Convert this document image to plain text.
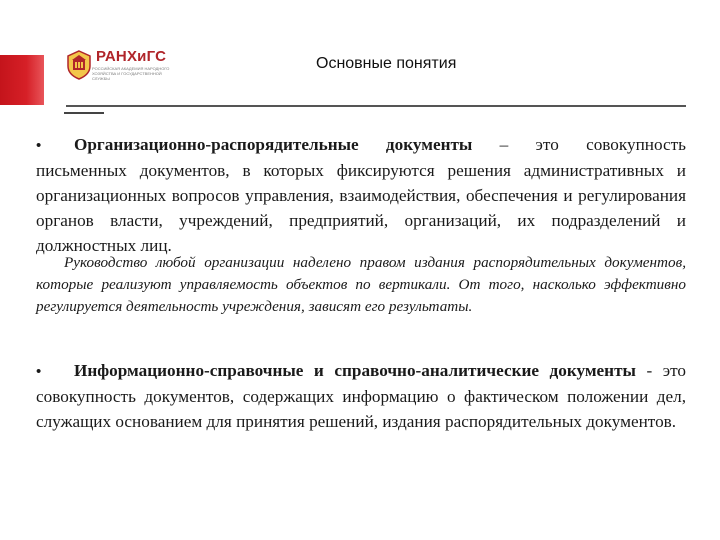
РАНХиГС
РОССИЙСКАЯ АКАДЕМИЯ НАРОДНОГО ХОЗЯЙСТВА И ГОСУДАРСТВЕННОЙ СЛУЖБЫ
Основные понятия
• Организационно-распорядительные документы – это совокупность письменных документов, в которых фиксируются решения административных и организационных вопросов управления, взаимодействия, обеспечения и регулирования органов власти, учреждений, предприятий, организаций, их подразделений и должностных лиц.
Руководство любой организации наделено правом издания распорядительных документов, которые реализуют управляемость объектов по вертикали. От того, насколько эффективно регулируется деятельность учреждения, зависят его результаты.
• Информационно-справочные и справочно-аналитические документы - это совокупность документов, содержащих информацию о фактическом положении дел, служащих основанием для принятия решений, издания распорядительных документов.
